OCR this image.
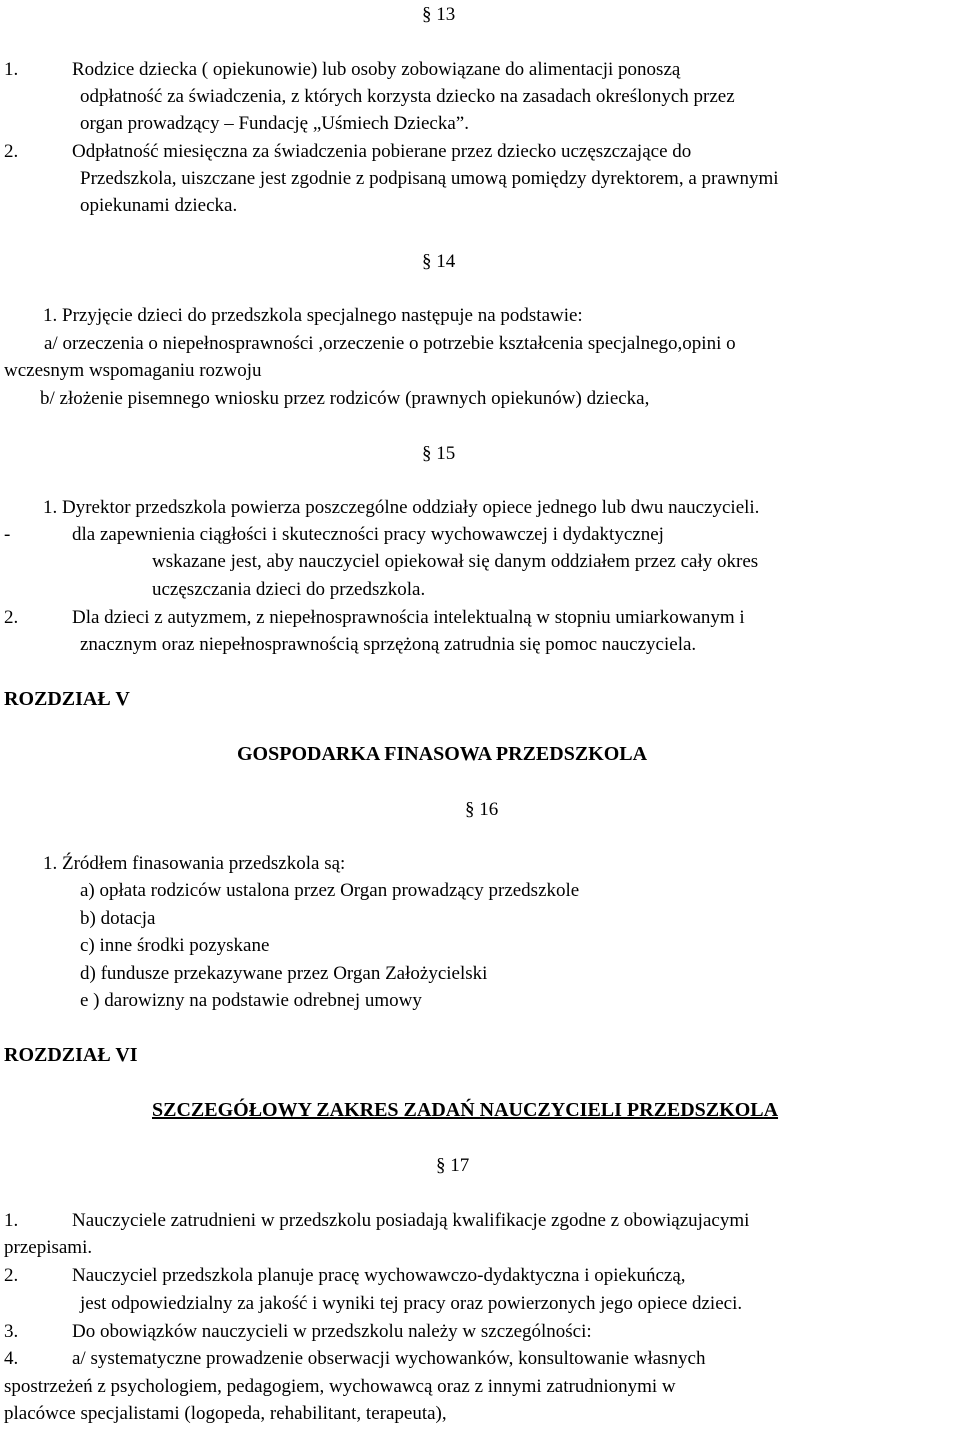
§ 13
1.	Rodzice dziecka ( opiekunowie) lub osoby zobowiązane do alimentacji ponoszą
odpłatność za świadczenia, z których korzysta dziecko na zasadach określonych przez
organ prowadzący – Fundację „Uśmiech Dziecka”.
2.	Odpłatność miesięczna za świadczenia pobierane przez dziecko uczęszczające do
Przedszkola, uiszczane jest zgodnie z podpisaną umową pomiędzy dyrektorem, a prawnymi
opiekunami dziecka.
§ 14
1. Przyjęcie dzieci do przedszkola specjalnego następuje na podstawie:
a/ orzeczenia o niepełnosprawności ,orzeczenie o potrzebie kształcenia specjalnego,opini o
wczesnym wspomaganiu rozwoju
b/ złożenie pisemnego wniosku przez rodziców (prawnych opiekunów) dziecka,
§ 15
1. Dyrektor przedszkola powierza poszczególne oddziały opiece jednego lub dwu nauczycieli.
-	dla zapewnienia ciągłości i skuteczności pracy wychowawczej i dydaktycznej
wskazane jest, aby nauczyciel opiekował się danym oddziałem przez cały okres
uczęszczania dzieci do przedszkola.
2.	Dla dzieci z autyzmem, z niepełnosprawnościa intelektualną w stopniu umiarkowanym i
znacznym oraz niepełnosprawnością sprzężoną zatrudnia się pomoc nauczyciela.
ROZDZIAŁ V
GOSPODARKA FINASOWA PRZEDSZKOLA
§ 16
1. Źródłem finasowania przedszkola są:
a) opłata rodziców ustalona przez Organ prowadzący przedszkole
b) dotacja
c) inne środki pozyskane
d) fundusze przekazywane przez Organ Założycielski
e ) darowizny na podstawie odrebnej umowy
ROZDZIAŁ VI
SZCZEGÓŁOWY ZAKRES ZADAŃ NAUCZYCIELI PRZEDSZKOLA
§ 17
1.	Nauczyciele zatrudnieni w przedszkolu posiadają kwalifikacje zgodne z obowiązujacymi
przepisami.
2.	Nauczyciel przedszkola planuje pracę wychowawczo-dydaktyczna i opiekuńczą,
jest odpowiedzialny za jakość i wyniki tej pracy oraz powierzonych jego opiece dzieci.
3.	Do obowiązków nauczycieli w przedszkolu należy w szczególności:
4.	a/ systematyczne prowadzenie obserwacji wychowanków, konsultowanie własnych
spostrzeżeń z psychologiem, pedagogiem, wychowawcą oraz z innymi zatrudnionymi w
placówce specjalistami (logopeda, rehabilitant, terapeuta),
